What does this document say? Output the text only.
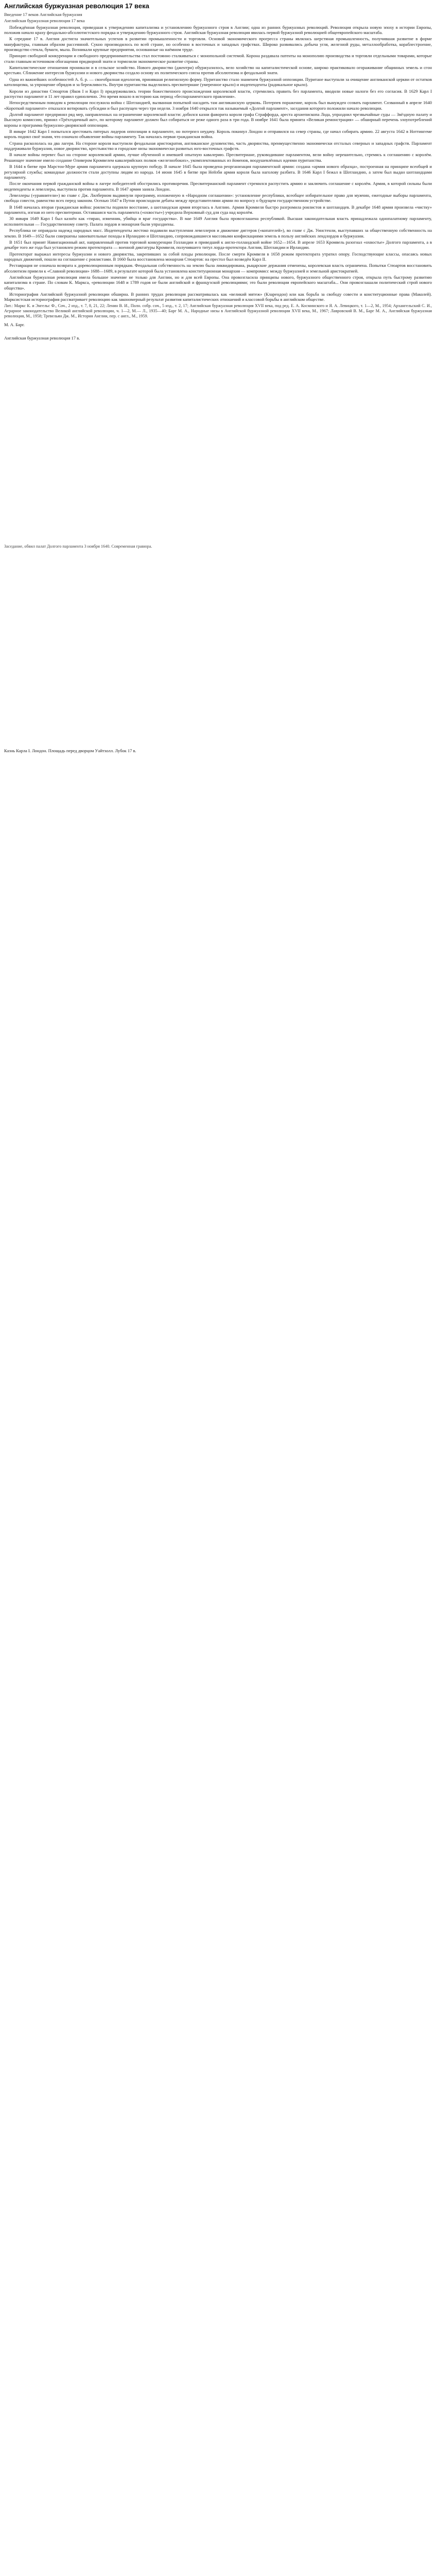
Английская буржуазная революция 17 века
Введение 17 веков Английская буржуазия
Английская буржуазная революция 17 века

Побеждённая буржуазная революция, приведшая к утверждению капитализма и установлению буржуазного строя в Англии; одна из ранних буржуазных революций. Революция открыла новую эпоху в истории Европы, положив начало краху феодально-абсолютистского порядка и утверждению буржуазного строя. Английская буржуазная революция явилась первой буржуазной революцией общеевропейского масштаба.

К середине 17 в. Англия достигла значительных успехов в развитии промышленности и торговли. Основой экономического прогресса страны являлась шерстяная промышленность, получившая развитие в форме мануфактуры, главным образом рассеянной. Сукно производилось по всей стране, но особенно в восточных и западных графствах. Широко развивались добыча угля, железной руды, металлообработка, кораблестроение, производство стекла, бумаги, мыла. Возникали крупные предприятия, основанные на наёмном труде.

Принцип свободной конкуренции и свободного предпринимательства стал постоянно сталкиваться с монопольной системой. Корона раздавала патенты на монополию производства и торговли отдельными товарами, которые стали главным источником обогащения придворной знати и тормозили экономическое развитие страны.

Капиталистические отношения проникали и в сельское хозяйство. Нового дворянство (джентри) обуржуазилось, вело хозяйство на капиталистической основе, широко практиковало огораживание общинных земель и сгон крестьян. Сближение интересов буржуазии и нового дворянства создало основу их политического союза против абсолютизма и феодальной знати.

Одна из важнейших особенностей А. б. р. — своеобразная идеология, принявшая религиозную форму. Пуританство стало знаменем буржуазной оппозиции. Пуритане выступали за очищение англиканской церкви от остатков католицизма, за упрощение обрядов и за бережливость. Внутри пуританства выделились пресвитериане (умеренное крыло) и индепенденты (радикальное крыло).

Короли из династии Стюартов (Яков I и Карл I) придерживались теории божественного происхождения королевской власти, стремились править без парламента, вводили новые налоги без его согласия. В 1629 Карл I распустил парламент и 11 лет правил единолично. Это время вошло в историю как период «беспарламентского правления».

Непосредственным поводом к революции послужила война с Шотландией, вызванная попыткой насадить там англиканскую церковь. Потерпев поражение, король был вынужден созвать парламент. Созванный в апреле 1640 «Короткий парламент» отказался вотировать субсидии и был распущен через три недели. 3 ноября 1640 открылся так называемый «Долгий парламент», заседания которого положили начало революции.

Долгий парламент предпринял ряд мер, направленных на ограничение королевской власти: добился казни фаворита короля графа Страффорда, ареста архиепископа Лода, упразднил чрезвычайные суды — Звёздную палату и Высокую комиссию, принял «Трёхгодичный акт», по которому парламент должен был собираться не реже одного раза в три года. В ноябре 1641 была принята «Великая ремонстрация» — обширный перечень злоупотреблений короны и программа буржуазно-дворянской оппозиции.

В январе 1642 Карл I попытался арестовать пятерых лидеров оппозиции в парламенте, но потерпел неудачу. Король покинул Лондон и отправился на север страны, где начал собирать армию. 22 августа 1642 в Ноттингеме король поднял своё знамя, что означало объявление войны парламенту. Так началась первая гражданская война.

Страна раскололась на два лагеря. На стороне короля выступили феодальная аристократия, англиканское духовенство, часть дворянства, преимущественно экономически отсталых северных и западных графств. Парламент поддерживали буржуазия, новое дворянство, крестьянство и городские низы экономически развитых юго-восточных графств.

В начале войны перевес был на стороне королевской армии, лучше обученной и имевшей опытную кавалерию. Пресвитериане, руководившие парламентом, вели войну нерешительно, стремясь к соглашению с королём. Решающее значение имело создание Оливером Кромвелем кавалерийских полков «железнобоких», укомплектованных из йоменов, воодушевлённых идеями пуританства.

В 1644 в битве при Марстон-Муре армия парламента одержала крупную победу. В начале 1645 была проведена реорганизация парламентской армии: создана «армия нового образца», построенная на принципе всеобщей и регулярной службы; командные должности стали доступны людям из народа. 14 июня 1645 в битве при Нейзби армия короля была наголову разбита. В 1646 Карл I бежал в Шотландию, а затем был выдан шотландцами парламенту.

После окончания первой гражданской войны в лагере победителей обострились противоречия. Пресвитерианский парламент стремился распустить армию и заключить соглашение с королём. Армия, в которой сильны были индепенденты и левеллеры, выступила против парламента. В 1647 армия заняла Лондон.

Левеллеры («уравнители») во главе с Дж. Лилберном выдвинули программу, изложенную в «Народном соглашении»: установление республики, всеобщее избирательное право для мужчин, ежегодные выборы парламента, свобода совести, равенство всех перед законом. Осенью 1647 в Путни происходили дебаты между представителями армии по вопросу о будущем государственном устройстве.

В 1648 началась вторая гражданская война: роялисты подняли восстание, а шотландская армия вторглась в Англию. Армия Кромвеля быстро разгромила роялистов и шотландцев. В декабре 1648 армия произвела «чистку» парламента, изгнав из него пресвитериан. Оставшаяся часть парламента («охвостье») учредила Верховный суд для суда над королём.

30 января 1649 Карл I был казнён как «тиран, изменник, убийца и враг государства». В мае 1649 Англия была провозглашена республикой. Высшая законодательная власть принадлежала однопалатному парламенту, исполнительная — Государственному совету. Палата лордов и монархия были упразднены.

Республика не оправдала надежд народных масс. Индепенденты жестоко подавили выступления левеллеров и движение диггеров («копателей»), во главе с Дж. Уинстенли, выступавших за общественную собственность на землю. В 1649—1652 были совершены завоевательные походы в Ирландию и Шотландию, сопровождавшиеся массовыми конфискациями земель в пользу английских лендлордов и буржуазии.

В 1651 был принят Навигационный акт, направленный против торговой конкуренции Голландии и приведший к англо-голландской войне 1652—1654. В апреле 1653 Кромвель разогнал «охвостье» Долгого парламента, а в декабре того же года был установлен режим протектората — военной диктатуры Кромвеля, получившего титул лорда-протектора Англии, Шотландии и Ирландии.

Протекторат выражал интересы буржуазии и нового дворянства, закрепивших за собой плоды революции. После смерти Кромвеля в 1658 режим протектората утратил опору. Господствующие классы, опасаясь новых народных движений, пошли на соглашение с роялистами. В 1660 была восстановлена монархия Стюартов: на престол был возведён Карл II.

Реставрация не означала возврата к дореволюционным порядкам. Феодальная собственность на землю была ликвидирована, рыцарские держания отменены, королевская власть ограничена. Попытки Стюартов восстановить абсолютизм привели к «Славной революции» 1688—1689, в результате которой была установлена конституционная монархия — компромисс между буржуазией и земельной аристократией.

Английская буржуазная революция имела большое значение не только для Англии, но и для всей Европы. Она провозгласила принципы нового, буржуазного общественного строя, открыла путь быстрому развитию капитализма в стране. По словам К. Маркса, «революции 1648 и 1789 годов не были английской и французской революциями; это были революции европейского масштаба... Они провозглашали политический строй нового общества».

Историография Английской буржуазной революции обширна. В ранних трудах революция рассматривалась как «великий мятеж» (Кларендон) или как борьба за свободу совести и конституционные права (Маколей). Марксистская историография рассматривает революцию как закономерный результат развития капиталистических отношений и классовой борьбы в английском обществе.

Лит.: Маркс К. и Энгельс Ф., Соч., 2 изд., т. 7, 8, 21, 22; Ленин В. И., Полн. собр. соч., 5 изд., т. 2, 17; Английская буржуазная революция XVII века, под ред. Е. А. Косминского и Я. А. Левицкого, т. 1—2, М., 1954; Архангельский С. И., Аграрное законодательство Великой английской революции, ч. 1—2, М.— Л., 1935—40; Барг М. А., Народные низы в Английской буржуазной революции XVII века, М., 1967; Лавровский В. М., Барг М. А., Английская буржуазная революция, М., 1958; Тревельян Дж. М., История Англии, пер. с англ., М., 1959.

М. А. Барг.

Английская буржуазная революция 17 в.

Заседание, обвил палат Долгого парламента 3 ноября 1640. Современная гравюра.

Казнь Карла I. Лондон. Площадь перед дворцом Уайтхолл. Лубок 17 в.
